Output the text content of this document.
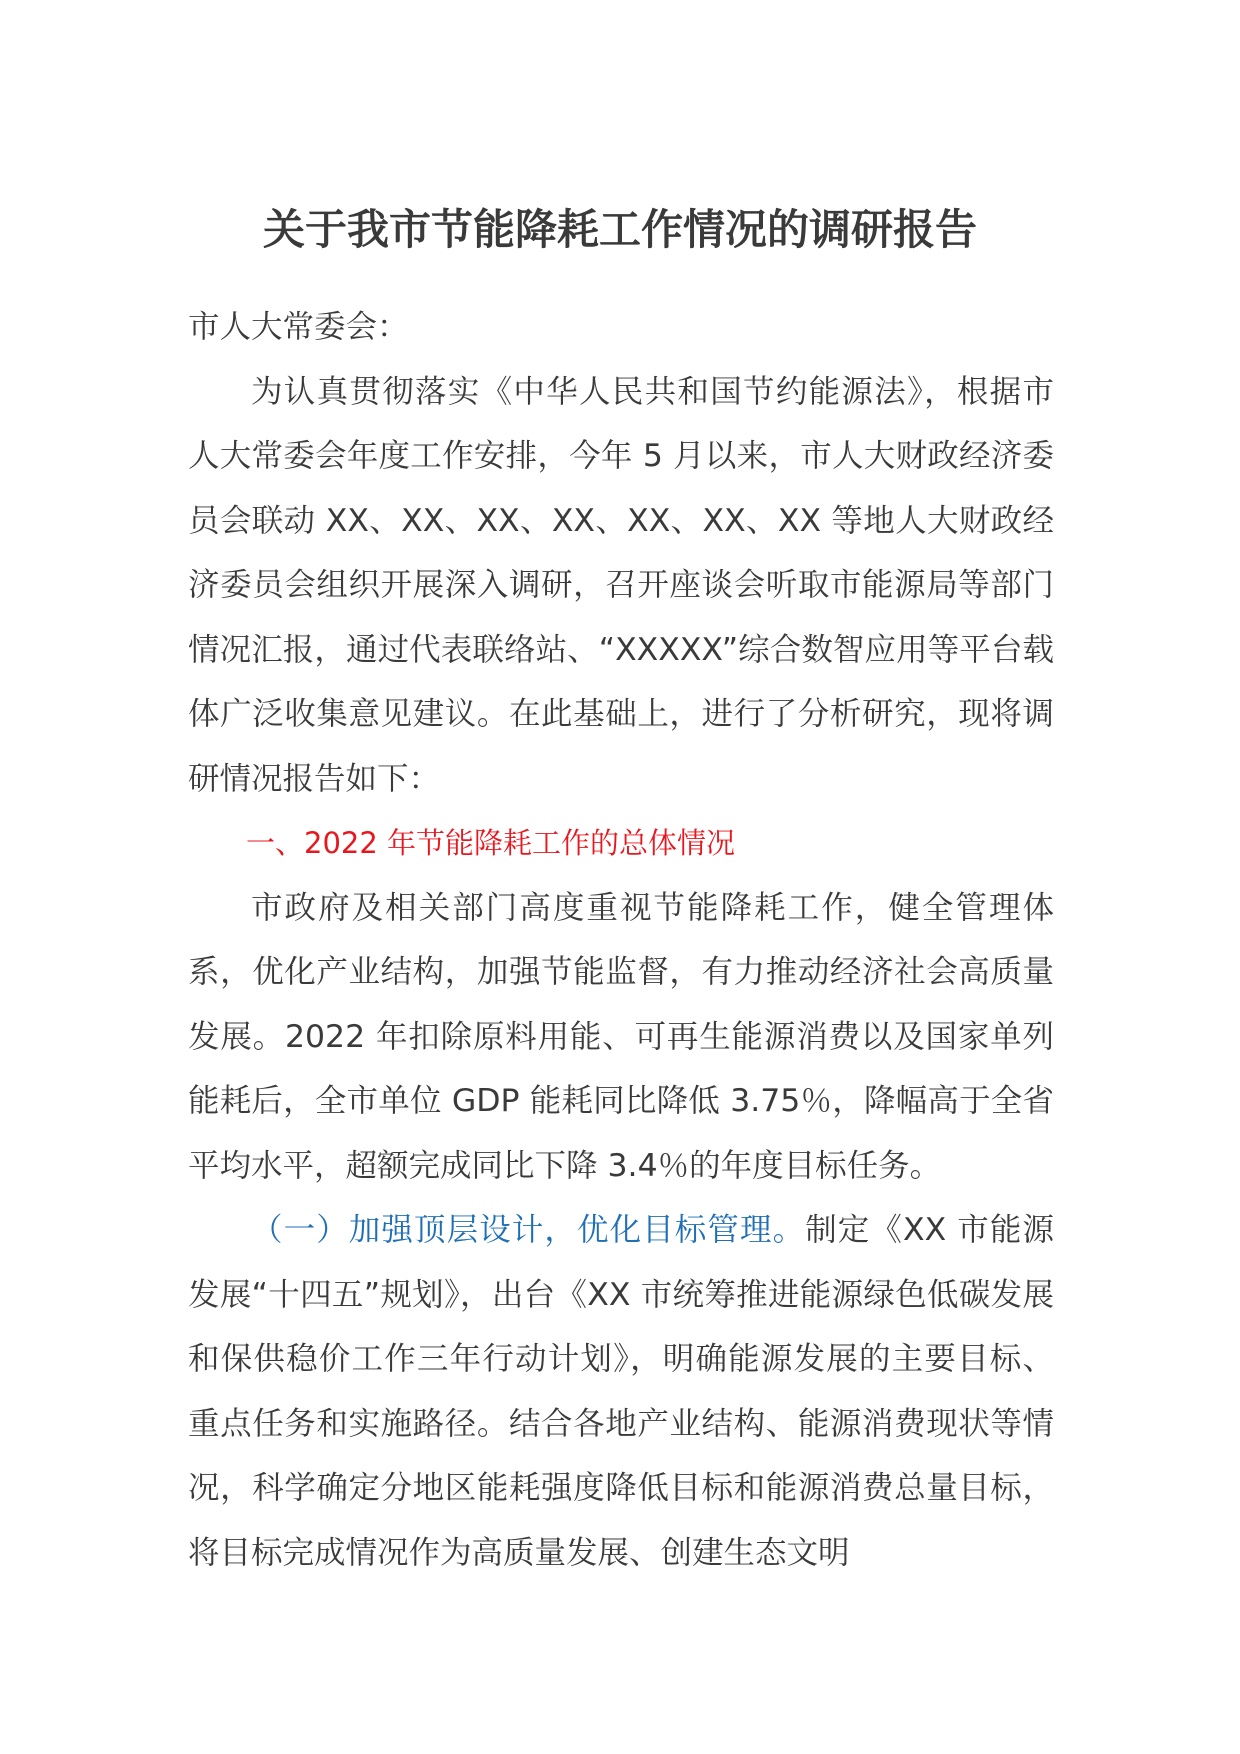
关于我市节能降耗工作情况的调研报告

市人大常委会：

为认真贯彻落实《中华人民共和国节约能源法》，根据市人大常委会年度工作安排，今年 5 月以来，市人大财政经济委员会联动 XX、XX、XX、XX、XX、XX、XX 等地人大财政经济委员会组织开展深入调研，召开座谈会听取市能源局等部门情况汇报，通过代表联络站、“XXXXX”综合数智应用等平台载体广泛收集意见建议。在此基础上，进行了分析研究，现将调研情况报告如下：

一、2022 年节能降耗工作的总体情况

市政府及相关部门高度重视节能降耗工作，健全管理体系，优化产业结构，加强节能监督，有力推动经济社会高质量发展。2022 年扣除原料用能、可再生能源消费以及国家单列能耗后，全市单位 GDP 能耗同比降低 3.75％，降幅高于全省平均水平，超额完成同比下降 3.4％的年度目标任务。

（一）加强顶层设计，优化目标管理。制定《XX 市能源发展“十四五”规划》，出台《XX 市统筹推进能源绿色低碳发展和保供稳价工作三年行动计划》，明确能源发展的主要目标、重点任务和实施路径。结合各地产业结构、能源消费现状等情况，科学确定分地区能耗强度降低目标和能源消费总量目标，将目标完成情况作为高质量发展、创建生态文明
